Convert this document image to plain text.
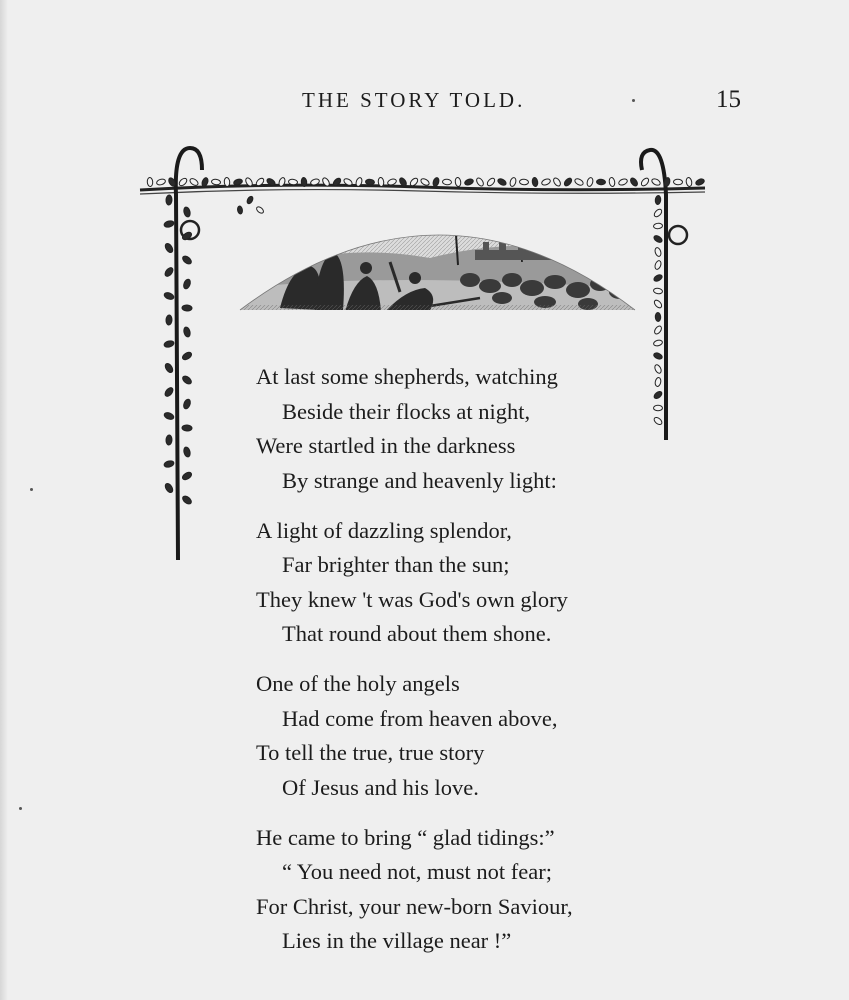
THE STORY TOLD.	15
At last some shepherds, watching
Beside their flocks at night,
Were startled in the darkness
By strange and heavenly light:
A light of dazzling splendor,
Far brighter than the sun;
They knew 't was God's own glory
That round about them shone.
One of the holy angels
Had come from heaven above,
To tell the true, true story
Of Jesus and his love.
He came to bring “ glad tidings:”
“ You need not, must not fear;
For Christ, your new-born Saviour,
Lies in the village near !”
